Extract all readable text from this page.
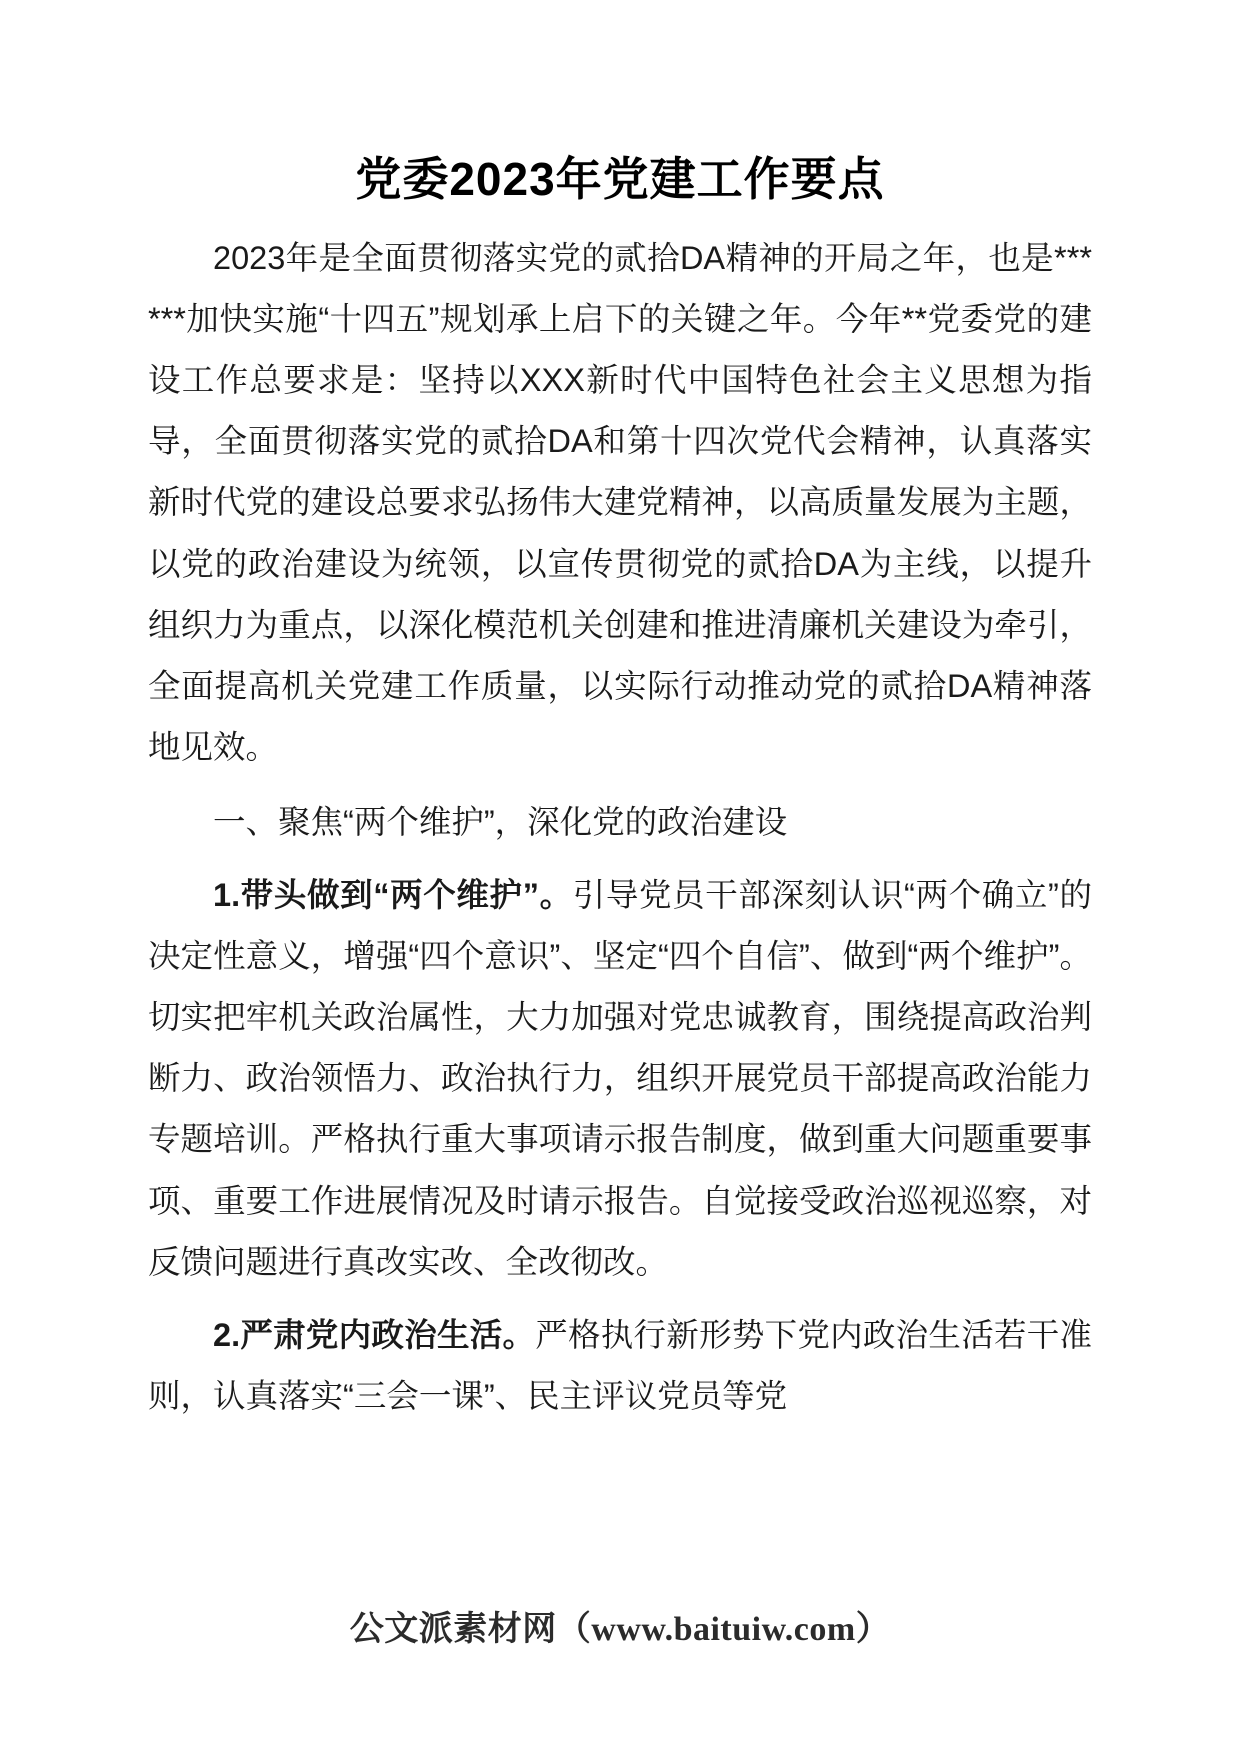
党委2023年党建工作要点

2023年是全面贯彻落实党的贰拾DA精神的开局之年，也是******加快实施“十四五”规划承上启下的关键之年。今年**党委党的建设工作总要求是：坚持以XXX新时代中国特色社会主义思想为指导，全面贯彻落实党的贰拾DA和第十四次党代会精神，认真落实新时代党的建设总要求弘扬伟大建党精神，以高质量发展为主题，以党的政治建设为统领，以宣传贯彻党的贰拾DA为主线，以提升组织力为重点，以深化模范机关创建和推进清廉机关建设为牵引，全面提高机关党建工作质量，以实际行动推动党的贰拾DA精神落地见效。

一、聚焦“两个维护”，深化党的政治建设

1.带头做到“两个维护”。引导党员干部深刻认识“两个确立”的决定性意义，增强“四个意识”、坚定“四个自信”、做到“两个维护”。切实把牢机关政治属性，大力加强对党忠诚教育，围绕提高政治判断力、政治领悟力、政治执行力，组织开展党员干部提高政治能力专题培训。严格执行重大事项请示报告制度，做到重大问题重要事项、重要工作进展情况及时请示报告。自觉接受政治巡视巡察，对反馈问题进行真改实改、全改彻改。

2.严肃党内政治生活。严格执行新形势下党内政治生活若干准则，认真落实“三会一课”、民主评议党员等党

公文派素材网（www.baituiw.com）
